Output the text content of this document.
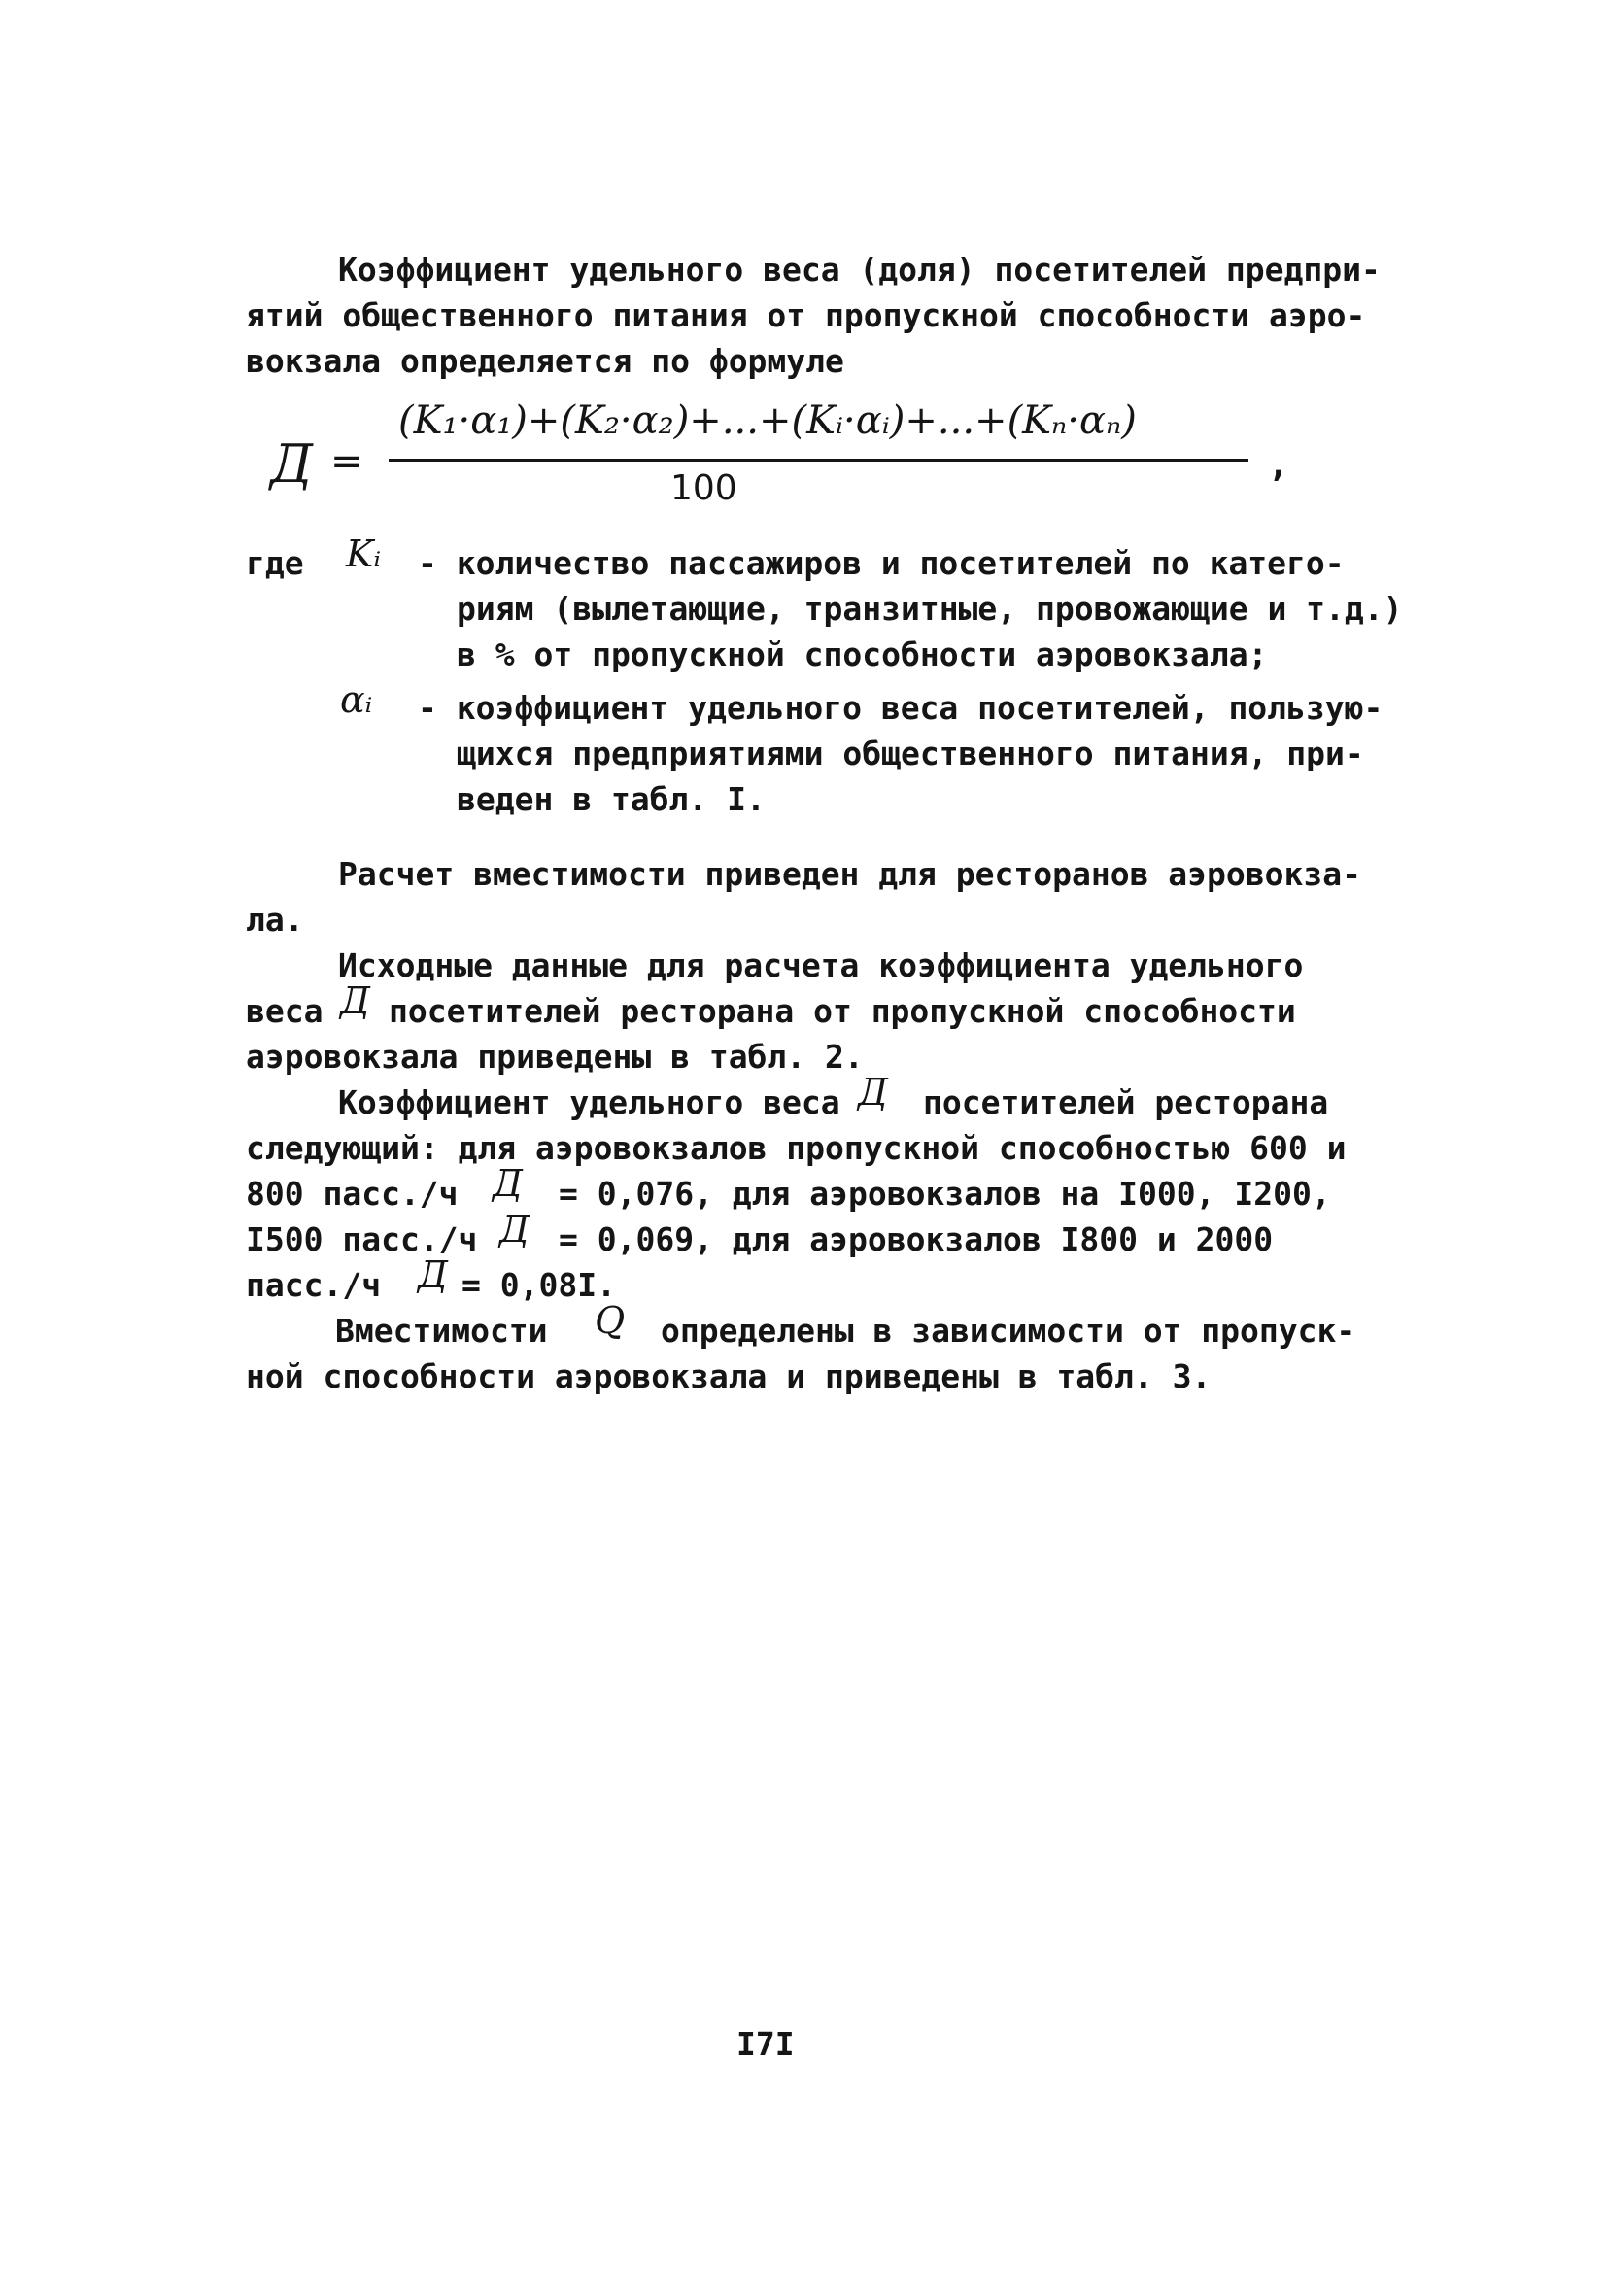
Коэффициент удельного веса (доля) посетителей предпри-
ятий общественного питания от пропускной способности аэро-
вокзала определяется по формуле
Д =
(K₁·α₁)+(K₂·α₂)+...+(Kᵢ·αᵢ)+...+(Kₙ·αₙ)
100
,
где Kᵢ - количество пассажиров и посетителей по катего-
риям (вылетающие, транзитные, провожающие и т.д.)
в % от пропускной способности аэровокзала;
αᵢ - коэффициент удельного веса посетителей, пользую-
щихся предприятиями общественного питания, при-
веден в табл. I.
Расчет вместимости приведен для ресторанов аэровокза-
ла.
Исходные данные для расчета коэффициента удельного
веса Д посетителей ресторана от пропускной способности
аэровокзала приведены в табл. 2.
Коэффициент удельного веса Д посетителей ресторана
следующий: для аэровокзалов пропускной способностью 600 и
800 пасс./ч Д = 0,076, для аэровокзалов на I000, I200,
I500 пасс./ч Д = 0,069, для аэровокзалов I800 и 2000
пасс./ч Д = 0,08I.
Вместимости Q определены в зависимости от пропуск-
ной способности аэровокзала и приведены в табл. 3.
I7I
